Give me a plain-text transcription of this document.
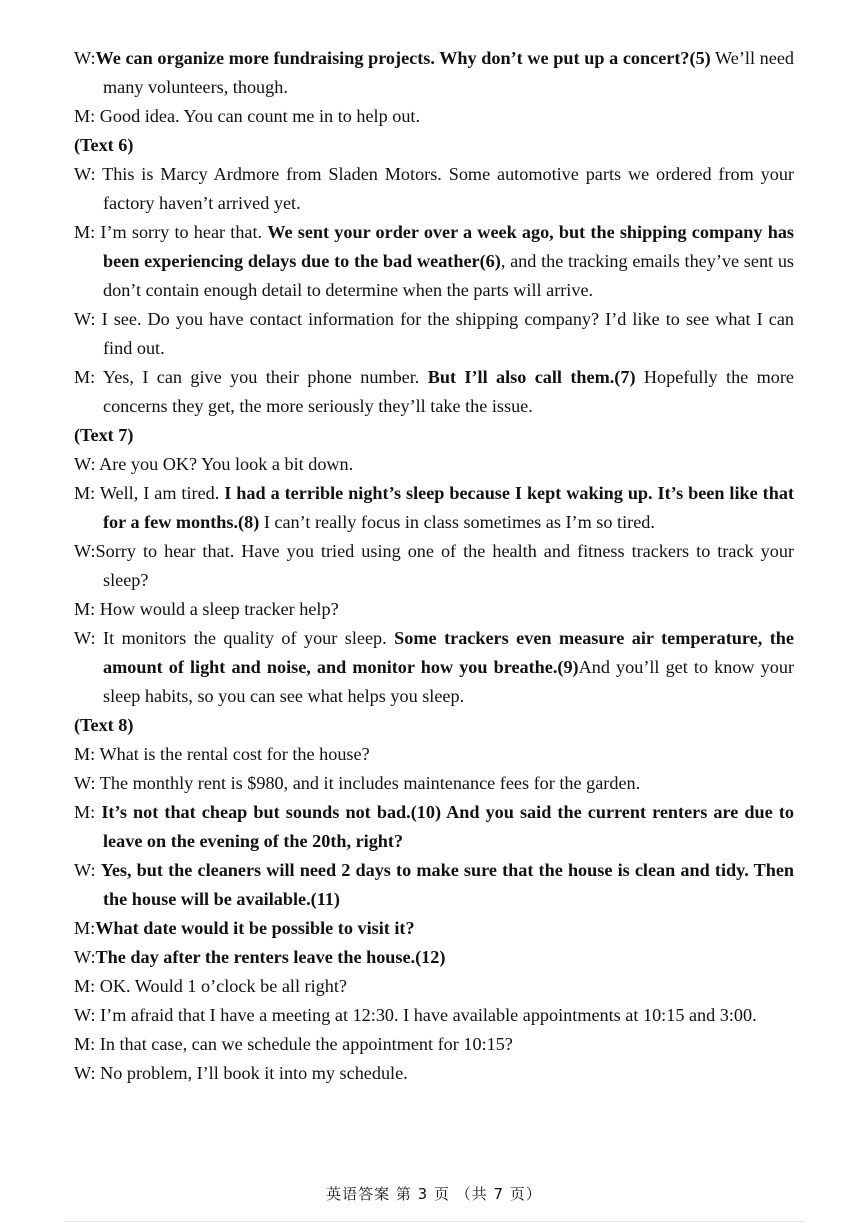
W:We can organize more fundraising projects. Why don’t we put up a concert?(5) We’ll need many volunteers, though.

M: Good idea. You can count me in to help out.

(Text 6)

W: This is Marcy Ardmore from Sladen Motors. Some automotive parts we ordered from your factory haven’t arrived yet.

M: I’m sorry to hear that. We sent your order over a week ago, but the shipping company has been experiencing delays due to the bad weather(6), and the tracking emails they’ve sent us don’t contain enough detail to determine when the parts will arrive.

W: I see. Do you have contact information for the shipping company? I’d like to see what I can find out.

M: Yes, I can give you their phone number. But I’ll also call them.(7) Hopefully the more concerns they get, the more seriously they’ll take the issue.

(Text 7)

W: Are you OK? You look a bit down.

M: Well, I am tired. I had a terrible night’s sleep because I kept waking up. It’s been like that for a few months.(8) I can’t really focus in class sometimes as I’m so tired.

W:Sorry to hear that. Have you tried using one of the health and fitness trackers to track your sleep?

M: How would a sleep tracker help?

W: It monitors the quality of your sleep. Some trackers even measure air temperature, the amount of light and noise, and monitor how you breathe.(9)And you’ll get to know your sleep habits, so you can see what helps you sleep.

(Text 8)

M: What is the rental cost for the house?

W: The monthly rent is $980, and it includes maintenance fees for the garden.

M: It’s not that cheap but sounds not bad.(10) And you said the current renters are due to leave on the evening of the 20th, right?

W: Yes, but the cleaners will need 2 days to make sure that the house is clean and tidy. Then the house will be available.(11)

M:What date would it be possible to visit it?

W:The day after the renters leave the house.(12)

M: OK. Would 1 o’clock be all right?

W: I’m afraid that I have a meeting at 12:30. I have available appointments at 10:15 and 3:00.

M: In that case, can we schedule the appointment for 10:15?

W: No problem, I’ll book it into my schedule.

英语答案 第 3 页 （共 7 页）
